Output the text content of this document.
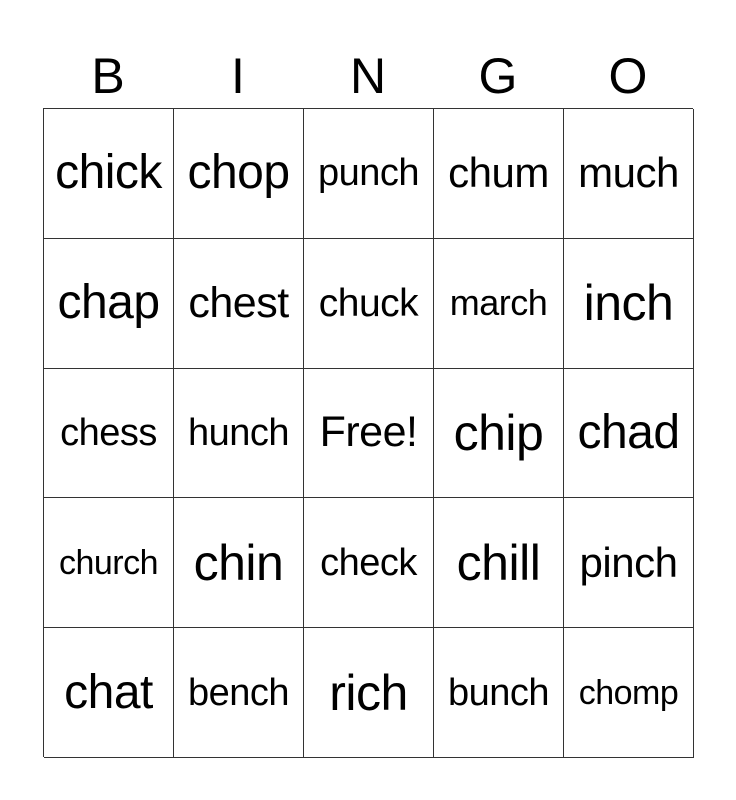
B	I	N	G	O
chick chop punch chum much
chap chest chuck march inch
chess hunch Free! chip chad
church chin check chill pinch
chat bench rich bunch chomp
